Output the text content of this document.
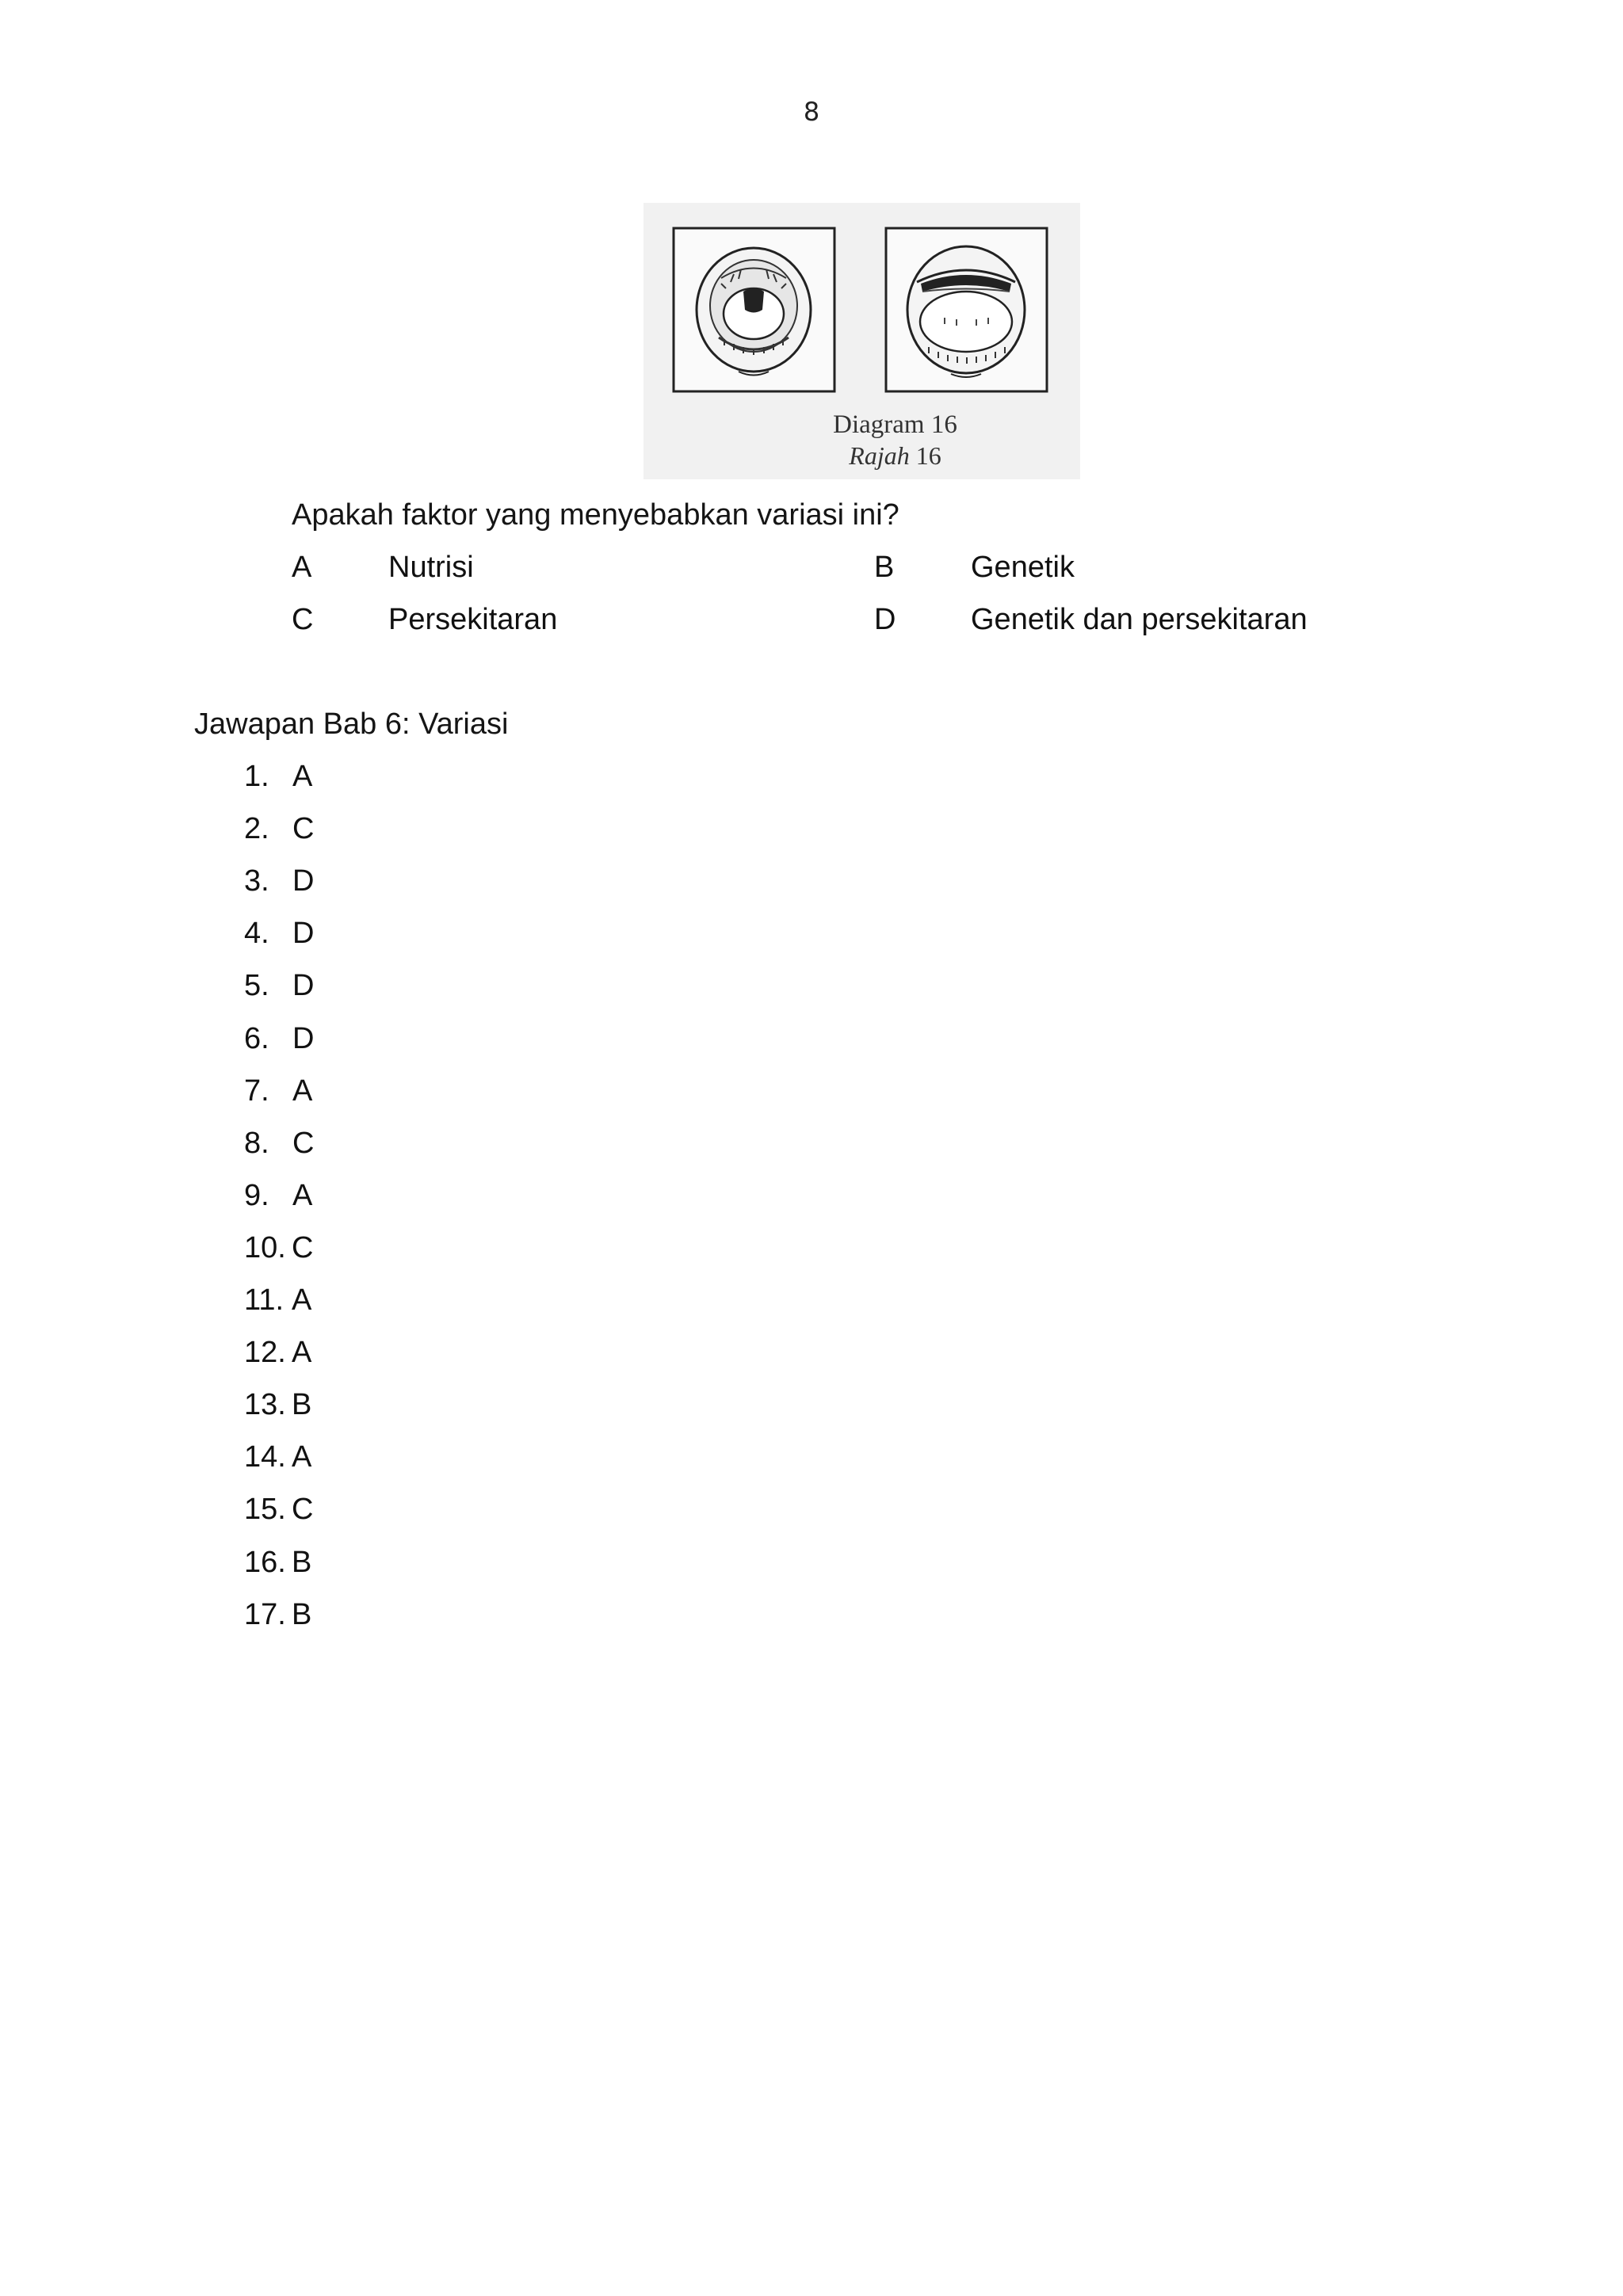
8
Diagram 16
Rajah 16
Apakah faktor yang menyebabkan variasi ini?
A	Nutrisi	B	Genetik
C Persekitaran	D Genetik dan persekitaran
Jawapan Bab 6: Variasi
1. A
2. C
3. D
4. D
5. D
6. D
7. A
8. C
9. A
10. C
11. A
12. A
13. B
14. A
15. C
16. B
17. B
